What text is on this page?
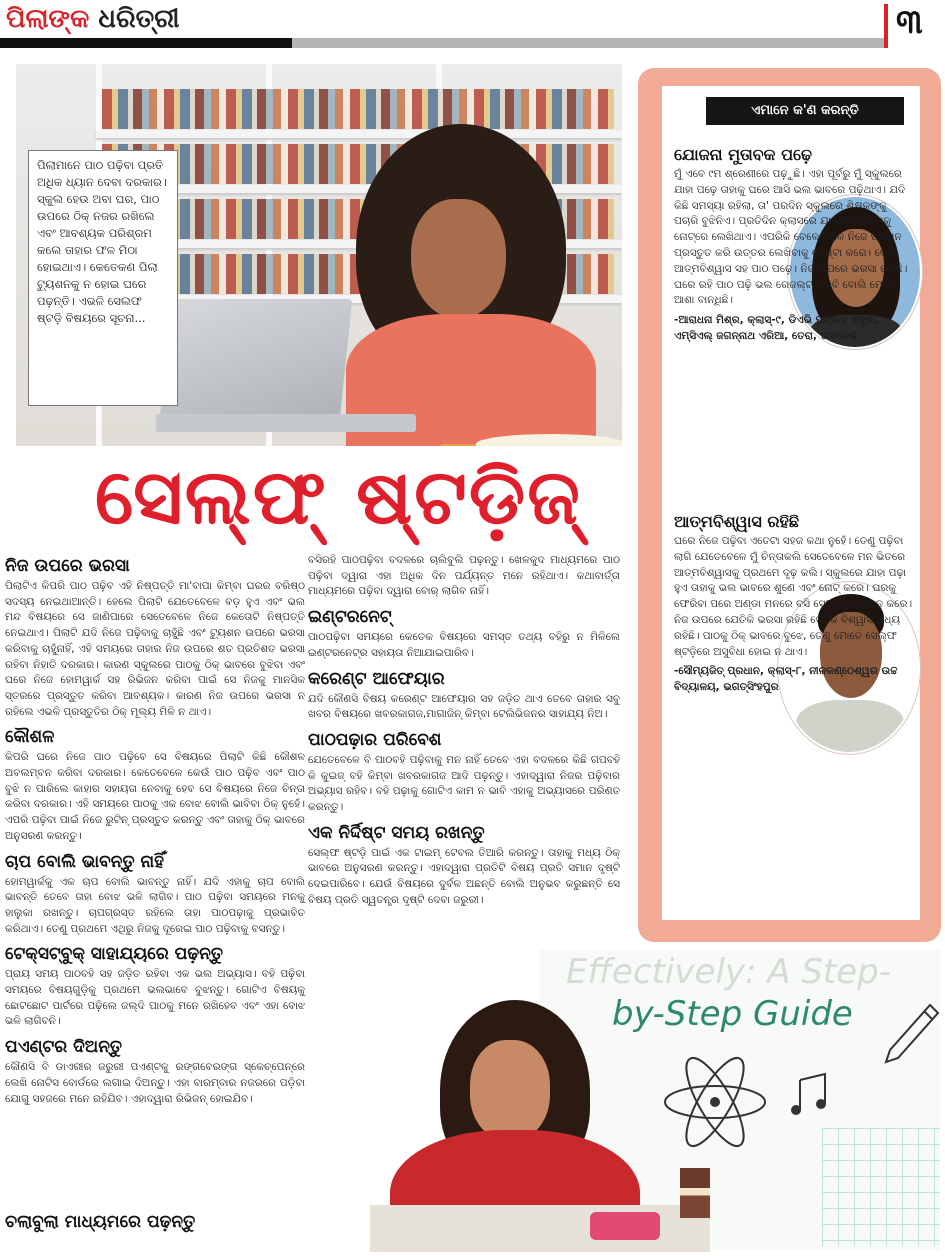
ପିଲାଙ୍କ ଧରିତ୍ରୀ	୩
ପିଲାମାନେ ପାଠ ପଢ଼ିବା ପ୍ରତି ଅଧିକ ଧ୍ୟାନ ଦେବା ଦରକାର। ସ୍କୁଲ ହେଉ ଅବା ଘର, ପାଠ ଉପରେ ଠିକ୍ ନଜର ରଖିଲେ ଏବଂ ଆବଶ୍ୟକ ପରିଶ୍ରମ କଲେ ତାହାର ଫଳ ମିଠା ହୋଇଥାଏ। କେତେକଣ ପିଲା ଟ୍ୟୁଶନକୁ ନ ହୋଇ ଘରେ ପଢ଼ନ୍ତି। ଏଭଳି ସେଲଫ ଷ୍ଟଡ଼ି ବିଷୟରେ ସୂଚନା...
ସେଲ୍ଫ୍ ଷ୍ଟଡ଼ିଜ୍
ନିଜ ଉପରେ ଭରସା

ପିଲାଟିଏ କିପରି ପାଠ ପଢ଼ିବ ଏହି ନିଷ୍ପତ୍ତି ମା'ବାପା କିମ୍ବା ଘରର ବରିଷ୍ଠ ସଦସ୍ୟ ନେଇଥାଆନ୍ତି। ହେଲେ ପିଲାଟି ଯେତେବେଳେ ବଡ଼ ହୁଏ ଏବଂ ଭଲ ମନ୍ଦ ବିଷୟରେ ସେ ଜାଣିପାରେ ସେତେବେଳେ ନିଜେ କେତୋଟି ନିଷ୍ପତ୍ତି ନେଇଥାଏ। ପିଲାଟି ଯଦି ନିଜେ ପଢ଼ିବାକୁ ଚାହୁଁଛି ଏବଂ ଟ୍ୟୁଶନ ଉପରେ ଭରସା କରିବାକୁ ଚାହୁଁନାହିଁ, ଏହି ସମୟରେ ତାହାର ନିଜ ଉପରେ ଶତ ପ୍ରତିଶତ ଭରସା ରହିବା ନିହାତି ଦରକାର। କାରଣ ସ୍କୁଲରେ ପାଠକୁ ଠିକ୍ ଭାବରେ ବୁଝିବା ଏବଂ ଘରେ ନିଜେ ହୋମୱାର୍କ ସହ ରିଭିଜନ କରିବା ପାଇଁ ସେ ନିଜକୁ ମାନସିକ ସ୍ତରରେ ପ୍ରସ୍ତୁତ କରିବା ଆବଶ୍ୟକ। କାରଣ ନିଜ ଉପରେ ଭରସା ନ ରହିଲେ ଏଭଳି ପ୍ରସ୍ତୁତିର ଠିକ୍ ମୂଲ୍ୟ ମିଳି ନ ଥାଏ।

କୌଶଳ

କିପରି ଘରେ ନିଜେ ପାଠ ପଢ଼ିବେ ସେ ବିଷୟରେ ପିଲାଟି କିଛି କୌଶଳ ଅବଲମ୍ବନ କରିବା ଦରକାର। କେତେବେଳେ କେଉଁ ପାଠ ପଢ଼ିବ ଏବଂ ପାଠ ବୁଝି ନ ପାରିଲେ କାହାର ସହାୟତା ନେବାକୁ ହେବ ସେ ବିଷୟରେ ନିଜେ ଚିନ୍ତା କରିବା ଦରକାର। ଏହି ସମୟରେ ପାଠକୁ ଏକ ବୋଝ ବୋଲି ଭାବିବା ଠିକ୍ ନୁହେଁ। ଏପରି ପଢ଼ିବା ପାଇଁ ନିଜେ ରୁଟିନ୍ ପ୍ରସ୍ତୁତ କରନ୍ତୁ ଏବଂ ତାହାକୁ ଠିକ୍ ଭାବରେ ଅନୁସରଣ କରନ୍ତୁ।

ଚାପ ବୋଲି ଭାବନ୍ତୁ ନାହିଁ

ହୋମୱାର୍କକୁ ଏକ ଚାପ ବୋଲି ଭାବନ୍ତୁ ନାହିଁ। ଯଦି ଏହାକୁ ଚାପ ବୋଲି ଭାବନ୍ତି ତେବେ ତାହା ବୋଝ ଭଳି ଲାଗିବ। ପାଠ ପଢ଼ିବା ସମୟରେ ମନକୁ ହାଲୁକା ରଖନ୍ତୁ। ଚାପଗ୍ରସ୍ତ ରହିଲେ ତାହା ପାଠପଢ଼ାକୁ ପ୍ରଭାବିତ କରିଥାଏ। ତେଣୁ ପ୍ରଥମେ ଏଥିରୁ ନିଜକୁ ଦୂରେଇ ପାଠ ପଢ଼ିବାକୁ ବସନ୍ତୁ।

ଟେକ୍ସଟ୍‌ବୁକ୍ ସାହାଯ୍ୟରେ ପଢ଼ନ୍ତୁ

ପ୍ରାୟ ସମୟ ପାଠବହି ସହ ଜଡ଼ିତ ରହିବା ଏକ ଭଲ ଅଭ୍ୟାସ। ବହି ପଢ଼ିବା ସମୟରେ ବିଷୟଗୁଡ଼ିକୁ ପ୍ରଥମେ ଭଲଭାବେ ବୁଝନ୍ତୁ। ଗୋଟିଏ ବିଷୟକୁ ଛୋଟଛୋଟ ପାର୍ଟରେ ପଢ଼ିଲେ ଜଲ୍ଦି ପାଠକୁ ମନେ ରଖିହେବ ଏବଂ ଏହା ବୋଝ ଭଳି ଲାଗିବନି।

ପଏଣ୍ଟର ଦିଅନ୍ତୁ

କୌଣସି ବି ଡାଏରୀର ଜରୁରୀ ପଏଣ୍ଟକୁ ରଙ୍ଗବେରଙ୍ଗ ସ୍କେଚ୍‌ପେନ୍‌ରେ ଲେଖି ନୋଟିସ ବୋର୍ଡରେ ଲଗାଇ ଦିଅନ୍ତୁ। ଏହା ବାରମ୍ବାର ନଜରରେ ପଡ଼ିବା ଯୋଗୁ ସହଜରେ ମନେ ରହିଯିବ। ଏହାଦ୍ୱାରା ରିଭିଜନ୍ ହୋଇଯିବ।

ଚଲାବୁଲା ମାଧ୍ୟମରେ ପଢ଼ନ୍ତୁ

ବସିରହି ପାଠପଢ଼ିବା ବଦଳରେ ଚାଲିବୁଲି ପଢ଼ନ୍ତୁ। ଖେଳକୁଦ ମାଧ୍ୟମରେ ପାଠ ପଢ଼ିବା ଦ୍ୱାରା ଏହା ଅଧିକ ଦିନ ପର୍ଯ୍ୟନ୍ତ ମନେ ରହିଥାଏ। କଥାବାର୍ତ୍ତା ମାଧ୍ୟମରେ ପଢ଼ିବା ଦ୍ୱାରା ବୋର୍ ଲାଗିବ ନାହିଁ।

ଇଣ୍ଟରନେଟ୍

ପାଠପଢ଼ିବା ସମୟରେ କେତେକ ବିଷୟରେ ସମସ୍ତ ତଥ୍ୟ ବହିରୁ ନ ମିଳିଲେ ଇଣ୍ଟରନେଟ୍‌ର ସହାୟତା ନିଆଯାଇପାରିବ।

କରେଣ୍ଟ ଆଫେୟାର

ଯଦି କୌଣସି ବିଷୟ କରେଣ୍ଟ ଆଫେୟାର ସହ ଜଡ଼ିତ ଥାଏ ତେବେ ତାହାର ସବୁ ଖବର ବିଷୟରେ ଖବରକାଗଜ,ମାଗାଜିନ୍ କିମ୍ବା ଟେଲିଭିଜନର ସାହାଯ୍ୟ ନିଅ।

ପାଠପଢ଼ାର ପରିବେଶ

ଯେତେବେଳେ ବି ପାଠବହି ପଢ଼ିବାକୁ ମନ ନାହିଁ ତେବେ ଏହା ବଦଳରେ କିଛି ଗପବହି କି କୁଇଜ୍ ବହି କିମ୍ବା ଖବରକାଗଜ ଆଦି ପଢ଼ନ୍ତୁ। ଏହାଦ୍ୱାରା ନିଜର ପଢ଼ିବାର ଅଭ୍ୟାସ ରହିବ। ବହି ପଢ଼ାକୁ ଗୋଟିଏ କାମ ନ ଭାବି ଏହାକୁ ଅଭ୍ୟାସରେ ପରିଣତ କରନ୍ତୁ।

ଏକ ନିର୍ଦ୍ଦିଷ୍ଟ ସମୟ ରଖନ୍ତୁ

ସେଲ୍ଫ ଷ୍ଟଡ଼ି ପାଇଁ ଏକ ଟାଇମ୍ ଟେବଲ ତିଆରି କରନ୍ତୁ। ତାହାକୁ ମଧ୍ୟ ଠିକ୍ ଭାବରେ ଅନୁସରଣ କରନ୍ତୁ। ଏହାଦ୍ୱାରା ପ୍ରତିଟି ବିଷୟ ପ୍ରତି ସମାନ ଦୃଷ୍ଟି ଦେଇପାରିବେ। ଯେଉଁ ବିଷୟରେ ଦୁର୍ବଳ ଅଛନ୍ତି ବୋଲି ଅନୁଭବ କରୁଛନ୍ତି ସେ ବିଷୟ ପ୍ରତି ସ୍ୱତନ୍ତ୍ର ଦୃଷ୍ଟି ଦେବା ଜରୁରୀ।

ଏମାନେ କ'ଣ କରନ୍ତି
ଯୋଜନା ମୁତାବକ ପଢ଼େ

ମୁଁ ଏବେ ୯ମ ଶ୍ରେଣୀରେ ପଢ଼ୁଛି। ଏହା ପୂର୍ବରୁ ମୁଁ ସ୍କୁଲରେ ଯାହା ପଢ଼େ ତାହାକୁ ଘରେ ଆସି ଭଲ ଭାବରେ ପଢ଼ିଥାଏ। ଯଦି କିଛି ସମସ୍ୟା ରହିଲା, ତା' ପରଦିନ ସ୍କୁଲରେ ଶିକ୍ଷକଙ୍କୁ ପଚାରି ବୁଝିନିଏ। ପ୍ରତିଦିନ କ୍ଲାସରେ ଯାହା ପଢ଼େ ତାହାକୁ ନୋଟ୍‌ରେ ଲେଖିଥାଏ। ଏପରିକି ବେଳେବେଳେ ନିଜେ ପ୍ରଶ୍ନ ପ୍ରସ୍ତୁତ କରି ଉତ୍ତର ଲେଖିବାକୁ ଚେଷ୍ଟା କରେ। ବେଶ୍ ଆତ୍ମବିଶ୍ୱାସ ସହ ପାଠ ପଢ଼େ। ନିଜ ଉପରେ ଭରସା ରଖିଛି। ଘରେ ରହି ପାଠ ପଢ଼ି ଭଲ ରେଜଲ୍ଟ କରିବି ବୋଲି ମୋର ଆଶା ବାନ୍ଧିଛି।

-ଆରାଧନା ମିଶ୍ର, କ୍ଲାସ୍-୯, ଡିଏଭି ପବ୍ଲିକ୍ ସ୍କୁଲ, ଏମ୍‌ସିଏଲ୍ ଜଗନ୍ନାଥ ଏରିଆ, ତେରା, ତାଳଚେର

ଆତ୍ମବିଶ୍ୱାସ ରହିଛି

ଘରେ ନିଜେ ପଢ଼ିବା ଏତେଟା ସହଜ କଥା ନୁହେଁ। ତେଣୁ ପଢ଼ିବା ଲାଗି ଯେତେବେଳେ ମୁଁ ଚିନ୍ତାକଲି ସେତେବେଳେ ମନ ଭିତରେ ଆତ୍ମବିଶ୍ୱାସକୁ ପ୍ରଥମେ ଦୃଢ଼ କଲି। ସ୍କୁଲରେ ଯାହା ପଢ଼ା ହୁଏ ତାହାକୁ ଭଲ ଭାବରେ ଶୁଣେ ଏବଂ ନୋଟ୍ କରେ। ଘରକୁ ଫେରିବା ପରେ ଅଣ୍ଡା ମନରେ ବସି ସେଗୁଡ଼ିକୁ ରିଭିଜନ କରେ। ନିଜ ଉପରେ ଯେତିକି ଭରସା ରହିଛି ସେତିକି ବିଶ୍ୱାସ ମଧ୍ୟ ରହିଛି। ପାଠକୁ ଠିକ୍ ଭାବରେ ବୁଝେ, ତେଣୁ ମୋତେ ସେଲ୍ଫ ଷ୍ଟଡ଼ିରେ ଅସୁବିଧା ହୋଇ ନ ଥାଏ।

-ସୌମ୍ୟଜିତ୍ ପ୍ରଧାନ, କ୍ଲାସ୍-୮, ନୀଳକଣ୍ଠେଶ୍ୱର ଉଚ୍ଚ ବିଦ୍ୟାଳୟ, ଭଗତ୍‌ସିଂହପୁର

Effectively: A Step-
by-Step Guide
